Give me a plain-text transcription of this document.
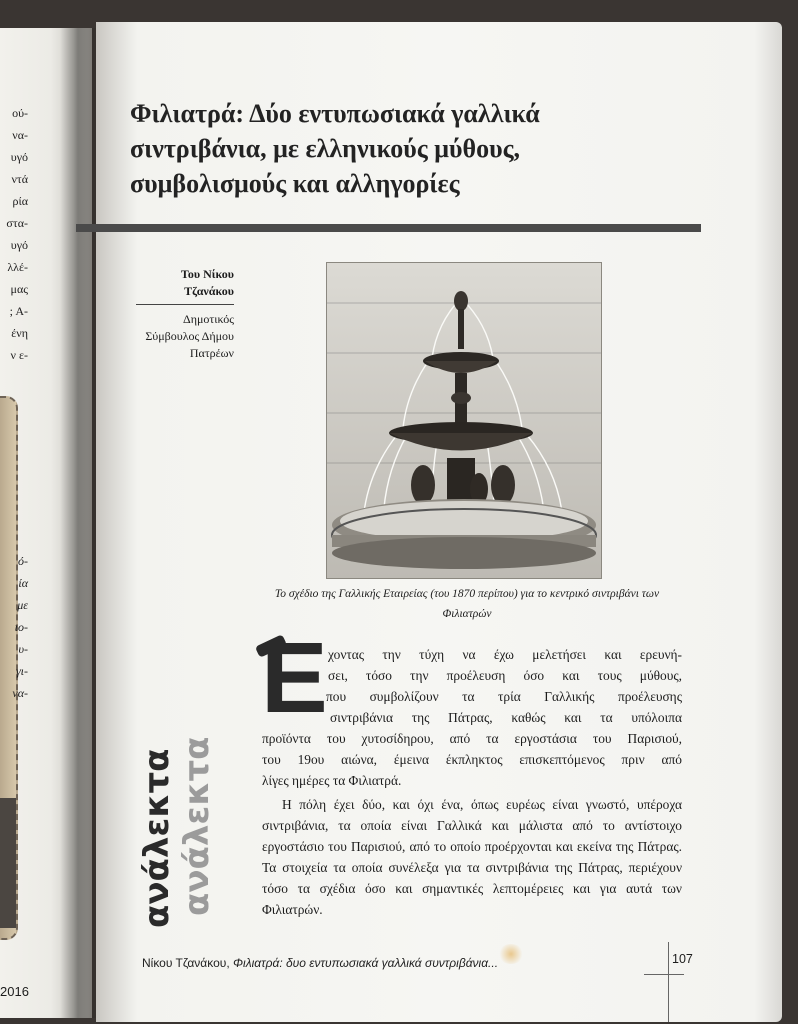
ού-
να-
υγό
ντά
ρία
στα-
υγό
λλέ-
μας
; Α-
ένη
ν ε-
ό-
ία
με
ιο-
υ-
γι-
να-
2016
Φιλιατρά: Δύο εντυπωσιακά γαλλικά
σιντριβάνια, με ελληνικούς μύθους,
συμβολισμούς και αλληγορίες
Του Νίκου
Τζανάκου
Δημοτικός
Σύμβουλος Δήμου
Πατρέων
Το σχέδιο της Γαλλικής Εταιρείας (του 1870 περίπου) για το κεντρικό σιντριβάνι των Φιλιατρών
ανάλεκτα ανάλεκτα
Ε χοντας την τύχη να έχω μελετήσει και ερευνή-
σει, τόσο την προέλευση όσο και τους μύθους,
που συμβολίζουν τα τρία Γαλλικής προέλευσης
σιντριβάνια της Πάτρας, καθώς και τα υπόλοιπα
προϊόντα του χυτοσίδηρου, από τα εργοστάσια του Παρισιού,
του 19ου αιώνα, έμεινα έκπληκτος επισκεπτόμενος πριν από
λίγες ημέρες τα Φιλιατρά.

Η πόλη έχει δύο, και όχι ένα, όπως ευρέως είναι γνωστό, υπέροχα σιντριβάνια, τα οποία είναι Γαλλικά και μάλιστα από το αντίστοιχο εργοστάσιο του Παρισιού, από το οποίο προέρχονται και εκείνα της Πάτρας. Τα στοιχεία τα οποία συνέλεξα για τα σιντριβάνια της Πάτρας, περιέχουν τόσο τα σχέδια όσο και σημαντικές λεπτομέρειες και για αυτά των Φιλιατρών.

Νίκου Τζανάκου, Φιλιατρά: δυο εντυπωσιακά γαλλικά συντριβάνια...	107
